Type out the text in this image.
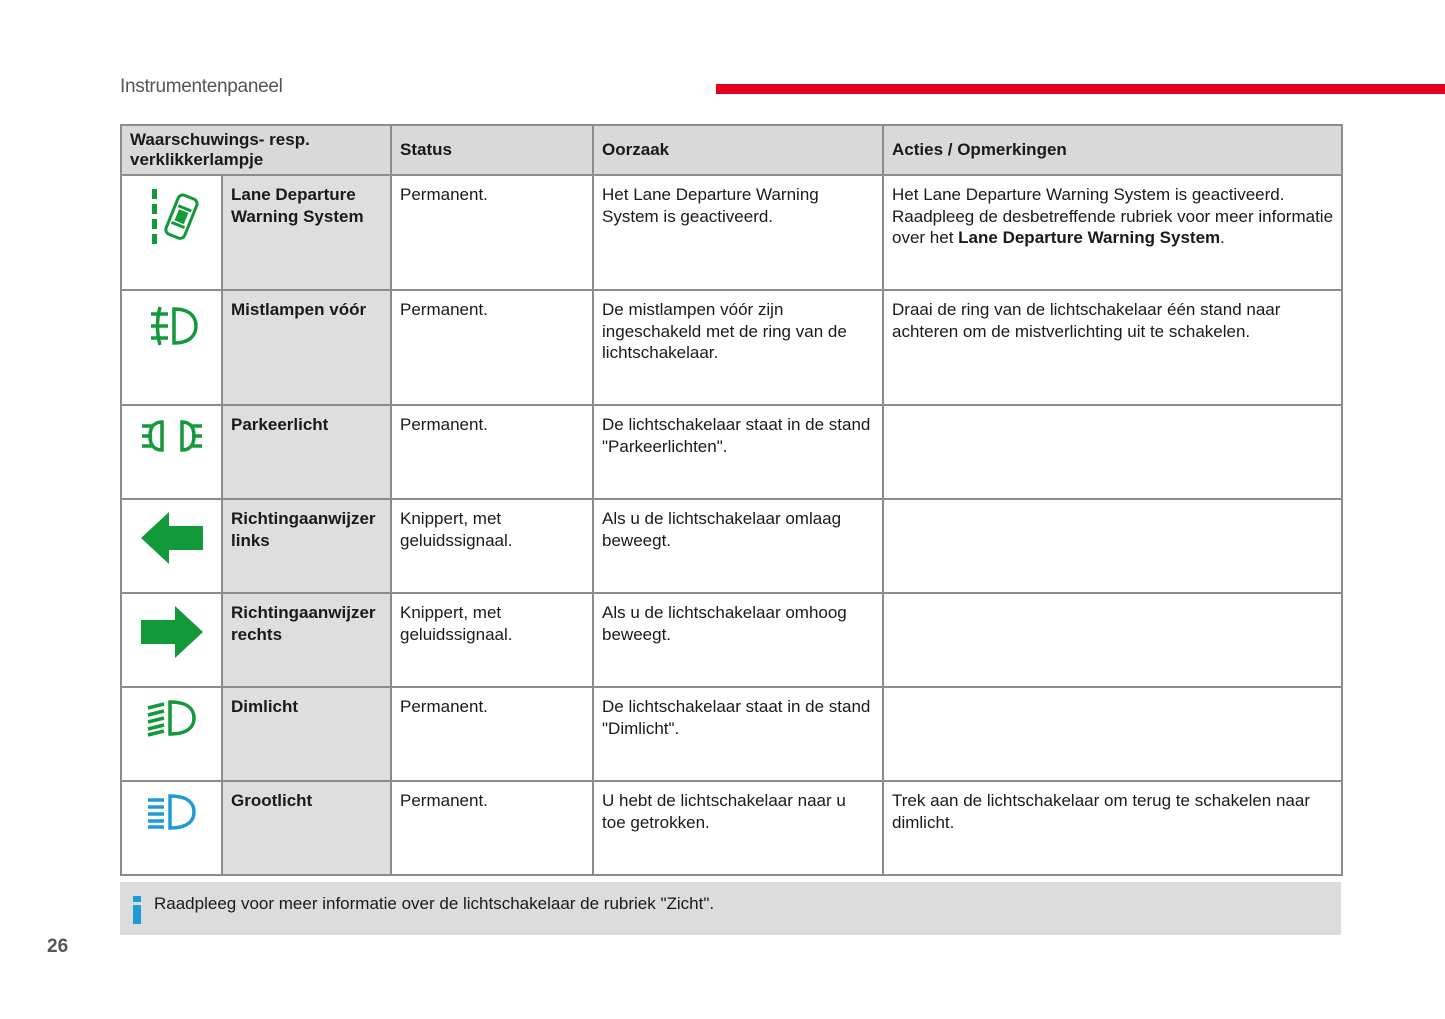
Instrumentenpaneel
Waarschuwings- resp. verklikkerlampje		Status	Oorzaak	Acties / Opmerkingen
	Lane Departure Warning System	Permanent.	Het Lane Departure Warning System is geactiveerd.	Het Lane Departure Warning System is geactiveerd. Raadpleeg de desbetreffende rubriek voor meer informatie over het Lane Departure Warning System.
	Mistlampen vóór	Permanent.	De mistlampen vóór zijn ingeschakeld met de ring van de lichtschakelaar.	Draai de ring van de lichtschakelaar één stand naar achteren om de mistverlichting uit te schakelen.
	Parkeerlicht	Permanent.	De lichtschakelaar staat in de stand "Parkeerlichten".	
	Richtingaanwijzer links	Knippert, met geluidssignaal.	Als u de lichtschakelaar omlaag beweegt.	
	Richtingaanwijzer rechts	Knippert, met geluidssignaal.	Als u de lichtschakelaar omhoog beweegt.	
	Dimlicht	Permanent.	De lichtschakelaar staat in de stand "Dimlicht".	
	Grootlicht	Permanent.	U hebt de lichtschakelaar naar u toe getrokken.	Trek aan de lichtschakelaar om terug te schakelen naar dimlicht.
Raadpleeg voor meer informatie over de lichtschakelaar de rubriek "Zicht".
26
